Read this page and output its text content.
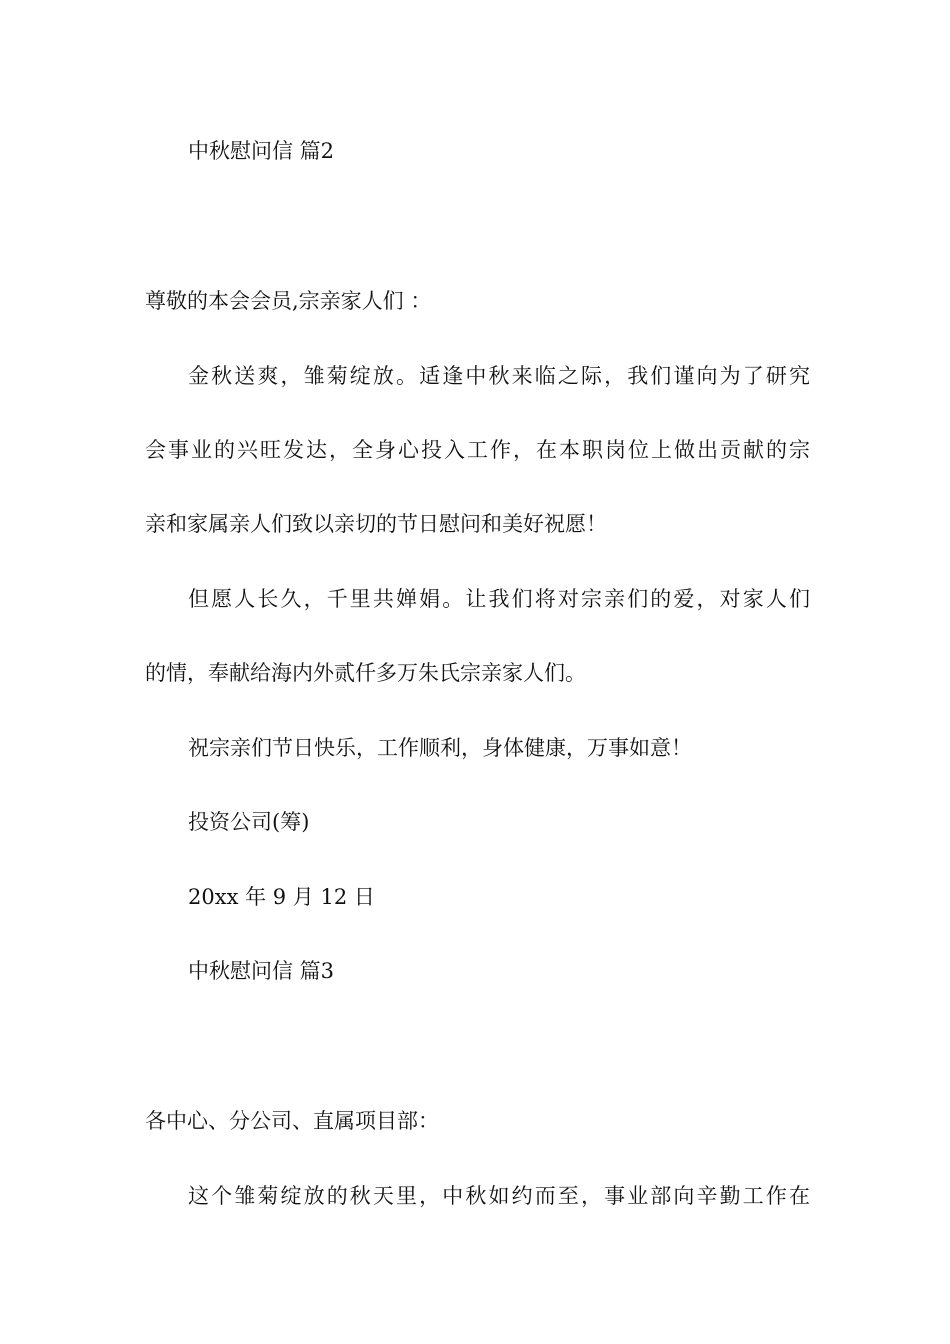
中秋慰问信 篇2
尊敬的本会会员,宗亲家人们 ：
金秋送爽，雏菊绽放。适逢中秋来临之际，我们谨向为了研究
会事业的兴旺发达，全身心投入工作，在本职岗位上做出贡献的宗
亲和家属亲人们致以亲切的节日慰问和美好祝愿！
但愿人长久，千里共婵娟。让我们将对宗亲们的爱，对家人们
的情，奉献给海内外贰仟多万朱氏宗亲家人们。
祝宗亲们节日快乐，工作顺利，身体健康，万事如意！
投资公司(筹)
20xx 年 9 月 12 日
中秋慰问信 篇3
各中心、分公司、直属项目部：
这个雏菊绽放的秋天里，中秋如约而至，事业部向辛勤工作在
